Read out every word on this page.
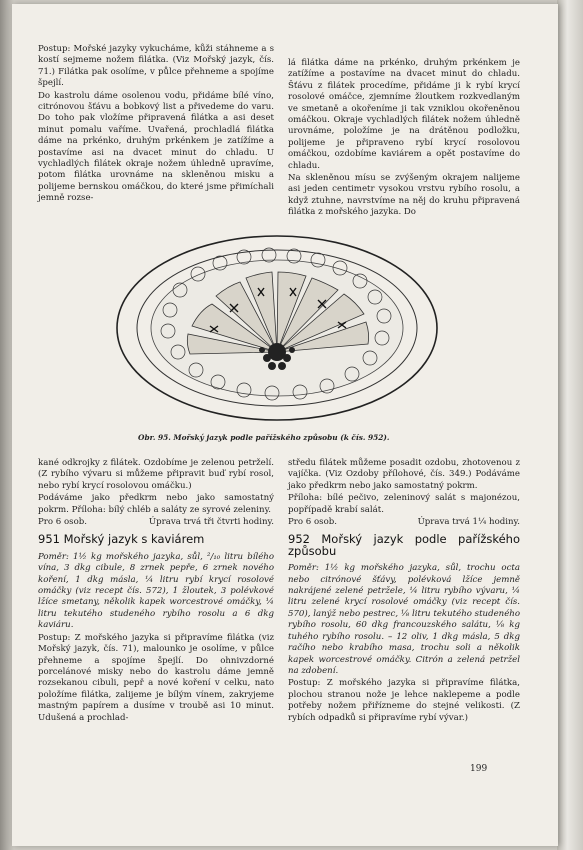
Postup: Mořské jazyky vykucháme, kůži stáhneme a s kostí sejmeme nožem filátka. (Viz Mořský jazyk, čís. 71.) Filátka pak osolíme, v půlce přehneme a spojíme špejlí.

Do kastrolu dáme osolenou vodu, přidáme bílé víno, citrónovou šťávu a bobkový list a přivedeme do varu. Do toho pak vložíme připravená filátka a asi deset minut pomalu vaříme. Uvařená, prochladlá filátka dáme na prkénko, druhým prkénkem je zatížíme a postavíme asi na dvacet minut do chladu. U vychladlých filátek okraje nožem úhledně upravíme, potom filátka urovnáme na skleněnou misku a polijeme bernskou omáčkou, do které jsme přimíchali jemně rozse-

lá filátka dáme na prkénko, druhým prkénkem je zatížíme a postavíme na dvacet minut do chladu. Šťávu z filátek procedíme, přidáme ji k rybí krycí rosolové omáčce, zjemníme žloutkem rozkvedlaným ve smetaně a okořeníme ji tak vzniklou okořeněnou omáčkou. Okraje vychladlých filátek nožem úhledně urovnáme, položíme je na drátěnou podložku, polijeme je připraveno rybí krycí rosolovou omáčkou, ozdobíme kaviárem a opět postavíme do chladu.

Na skleněnou mísu se zvýšeným okrajem nalijeme asi jeden centimetr vysokou vrstvu rybího rosolu, a když ztuhne, navrstvíme na něj do kruhu připravená filátka z mořského jazyka. Do

Obr. 95. Mořský jazyk podle pařížského způsobu (k čís. 952).

kané odkrojky z filátek. Ozdobíme je zelenou petrželí. (Z rybího vývaru si můžeme připravit buď rybí rosol, nebo rybí krycí rosolovou omáčku.)

Podáváme jako předkrm nebo jako samostatný pokrm. Příloha: bílý chléb a saláty ze syrové zeleniny.

Pro 6 osob.	Úprava trvá tři čtvrti hodiny.
951 Mořský jazyk s kaviárem

Poměr: 1½ kg mořského jazyka, sůl, ²/₁₀ litru bílého vína, 3 dkg cibule, 8 zrnek pepře, 6 zrnek nového koření, 1 dkg másla, ¼ litru rybí krycí rosolové omáčky (viz recept čís. 572), 1 žloutek, 3 polévkové lžíce smetany, několik kapek worcestrové omáčky, ¼ litru tekutého studeného rybího rosolu a 6 dkg kaviáru.

Postup: Z mořského jazyka si připravíme filátka (viz Mořský jazyk, čís. 71), malounko je osolíme, v půlce přehneme a spojíme špejlí. Do ohnivzdorné porcelánové misky nebo do kastrolu dáme jemně rozsekanou cibuli, pepř a nové koření v celku, nato položíme filátka, zalijeme je bílým vínem, zakryjeme mastným papírem a dusíme v troubě asi 10 minut. Udušená a prochlad-

středu filátek můžeme posadit ozdobu, zhotovenou z vajíčka. (Viz Ozdoby přílohové, čís. 349.) Podáváme jako předkrm nebo jako samostatný pokrm.

Příloha: bílé pečivo, zeleninový salát s majonézou, popřípadě krabí salát.

Pro 6 osob.	Úprava trvá 1¼ hodiny.
952 Mořský jazyk podle pařížského způsobu

Poměr: 1½ kg mořského jazyka, sůl, trochu octa nebo citrónové šťávy, polévková lžíce jemně nakrájené zelené petržele, ¼ litru rybího vývaru, ¼ litru zelené krycí rosolové omáčky (viz recept čís. 570), lanýž nebo pestrec, ⅛ litru tekutého studeného rybího rosolu, 60 dkg francouzského salátu, ⅛ kg tuhého rybího rosolu. – 12 oliv, 1 dkg másla, 5 dkg račího nebo krabího masa, trochu soli a několik kapek worcestrové omáčky. Citrón a zelená petržel na zdobení.

Postup: Z mořského jazyka si připravíme filátka, plochou stranou nože je lehce naklepeme a podle potřeby nožem přiřízneme do stejné velikosti. (Z rybích odpadků si připravíme rybí vývar.)

199
